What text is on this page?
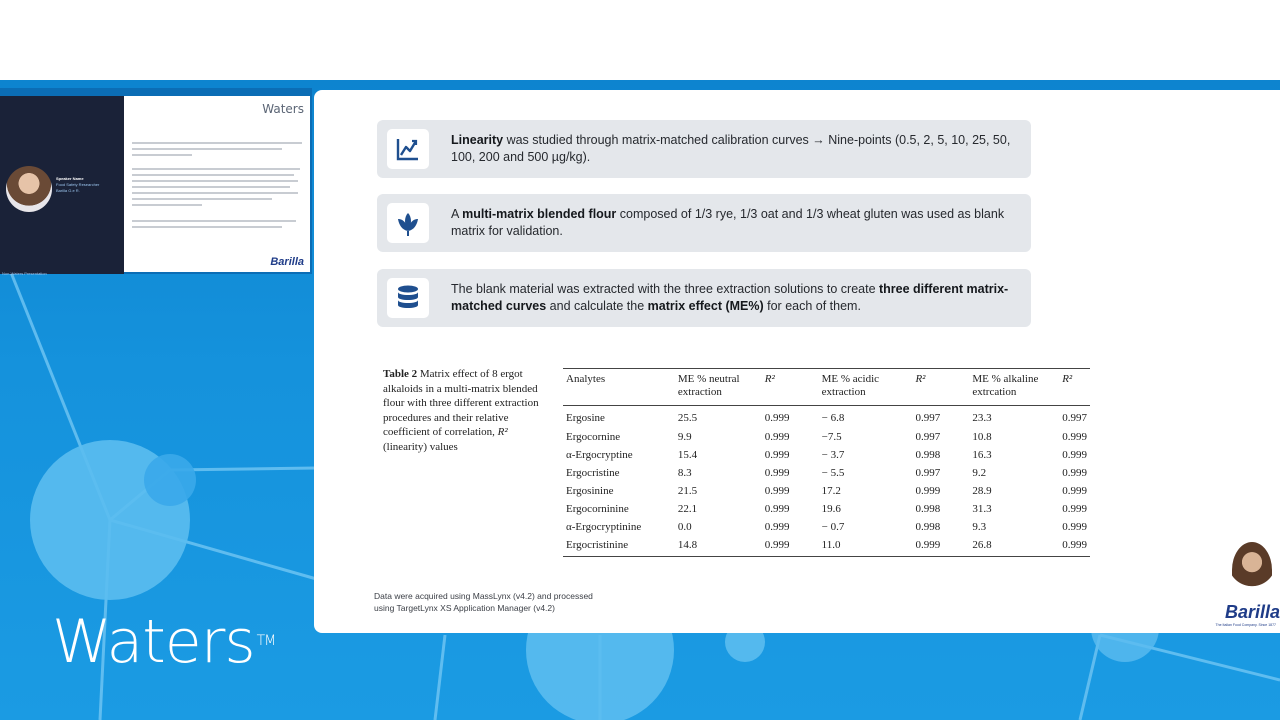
Speaker Name
Food Safety Researcher
Barilla G.e R.
Waters
Barilla
Non-Waters Presentation
Linearity was studied through matrix-matched calibration curves → Nine-points (0.5, 2, 5, 10, 25, 50, 100, 200 and 500 µg/kg).
A multi-matrix blended flour composed of 1/3 rye, 1/3 oat and 1/3 wheat gluten was used as blank matrix for validation.
The blank material was extracted with the three extraction solutions to create three different matrix-matched curves and calculate the matrix effect (ME%) for each of them.
Table 2 Matrix effect of 8 ergot alkaloids in a multi-matrix blended flour with three different extraction procedures and their relative coefficient of correlation, R² (linearity) values
Analytes	ME % neutral extraction	R²	ME % acidic extraction	R²	ME % alkaline extrcation	R²
Ergosine	25.5	0.999	− 6.8	0.997	23.3	0.997
Ergocornine	9.9	0.999	−7.5	0.997	10.8	0.999
α-Ergocryptine	15.4	0.999	− 3.7	0.998	16.3	0.999
Ergocristine	8.3	0.999	− 5.5	0.997	9.2	0.999
Ergosinine	21.5	0.999	17.2	0.999	28.9	0.999
Ergocorninine	22.1	0.999	19.6	0.998	31.3	0.999
α-Ergocryptinine	0.0	0.999	− 0.7	0.998	9.3	0.999
Ergocristinine	14.8	0.999	11.0	0.999	26.8	0.999
Data were acquired using MassLynx (v4.2) and processed
using TargetLynx XS Application Manager (v4.2)	Barilla
The Italian Food Company. Since 1877
Waters ™
